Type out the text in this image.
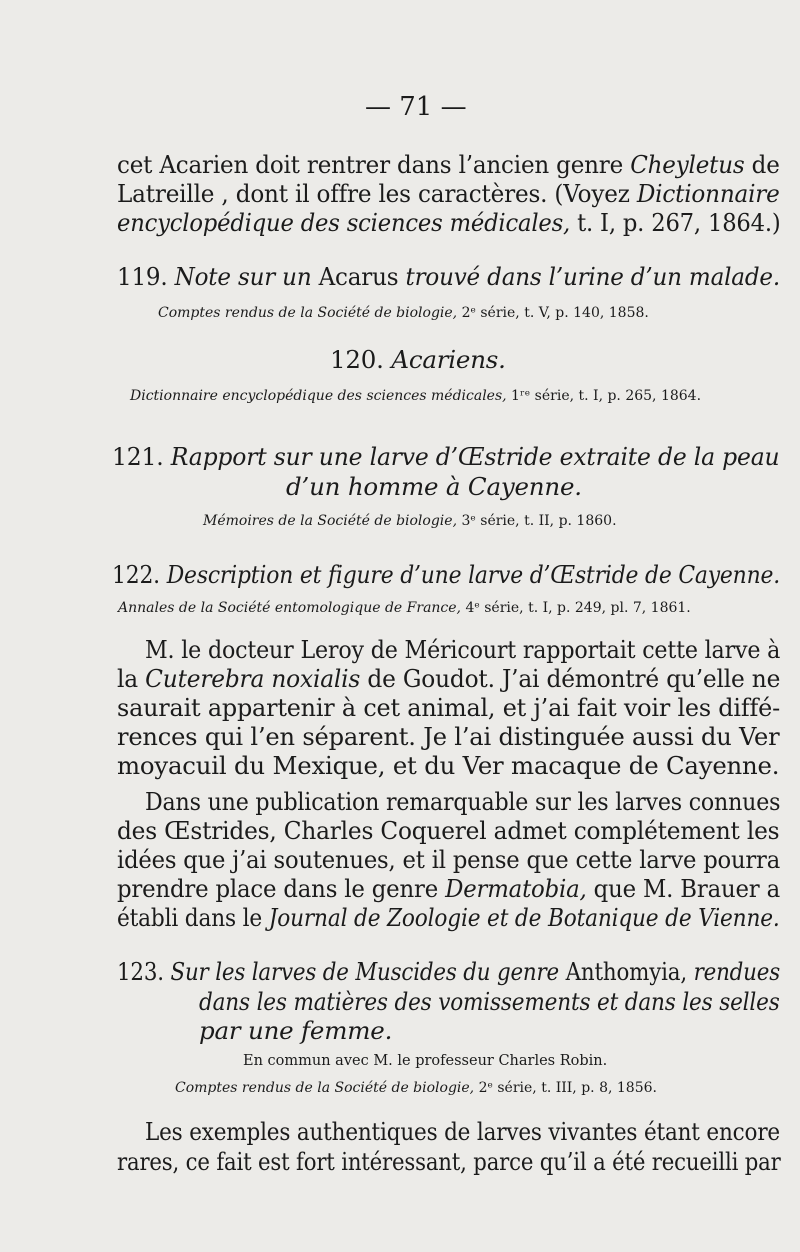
— 71 —
cet Acarien doit rentrer dans l’ancien genre Cheyletus de
Latreille , dont il offre les caractères. (Voyez Dictionnaire
encyclopédique des sciences médicales, t. I, p. 267, 1864.)
119. Note sur un Acarus trouvé dans l’urine d’un malade.
Comptes rendus de la Société de biologie, 2ᵉ série, t. V, p. 140, 1858.
120. Acariens.
Dictionnaire encyclopédique des sciences médicales, 1ʳᵉ série, t. I, p. 265, 1864.
121. Rapport sur une larve d’Œstride extraite de la peau
d’un homme à Cayenne.
Mémoires de la Société de biologie, 3ᵉ série, t. II, p. 1860.
122. Description et figure d’une larve d’Œstride de Cayenne.
Annales de la Société entomologique de France, 4ᵉ série, t. I, p. 249, pl. 7, 1861.
M. le docteur Leroy de Méricourt rapportait cette larve à
la Cuterebra noxialis de Goudot. J’ai démontré qu’elle ne
saurait appartenir à cet animal, et j’ai fait voir les diffé-
rences qui l’en séparent. Je l’ai distinguée aussi du Ver
moyacuil du Mexique, et du Ver macaque de Cayenne.
Dans une publication remarquable sur les larves connues
des Œstrides, Charles Coquerel admet complétement les
idées que j’ai soutenues, et il pense que cette larve pourra
prendre place dans le genre Dermatobia, que M. Brauer a
établi dans le Journal de Zoologie et de Botanique de Vienne.
123. Sur les larves de Muscides du genre Anthomyia, rendues
dans les matières des vomissements et dans les selles
par une femme.
En commun avec M. le professeur Charles Robin.
Comptes rendus de la Société de biologie, 2ᵉ série, t. III, p. 8, 1856.
Les exemples authentiques de larves vivantes étant encore
rares, ce fait est fort intéressant, parce qu’il a été recueilli par
